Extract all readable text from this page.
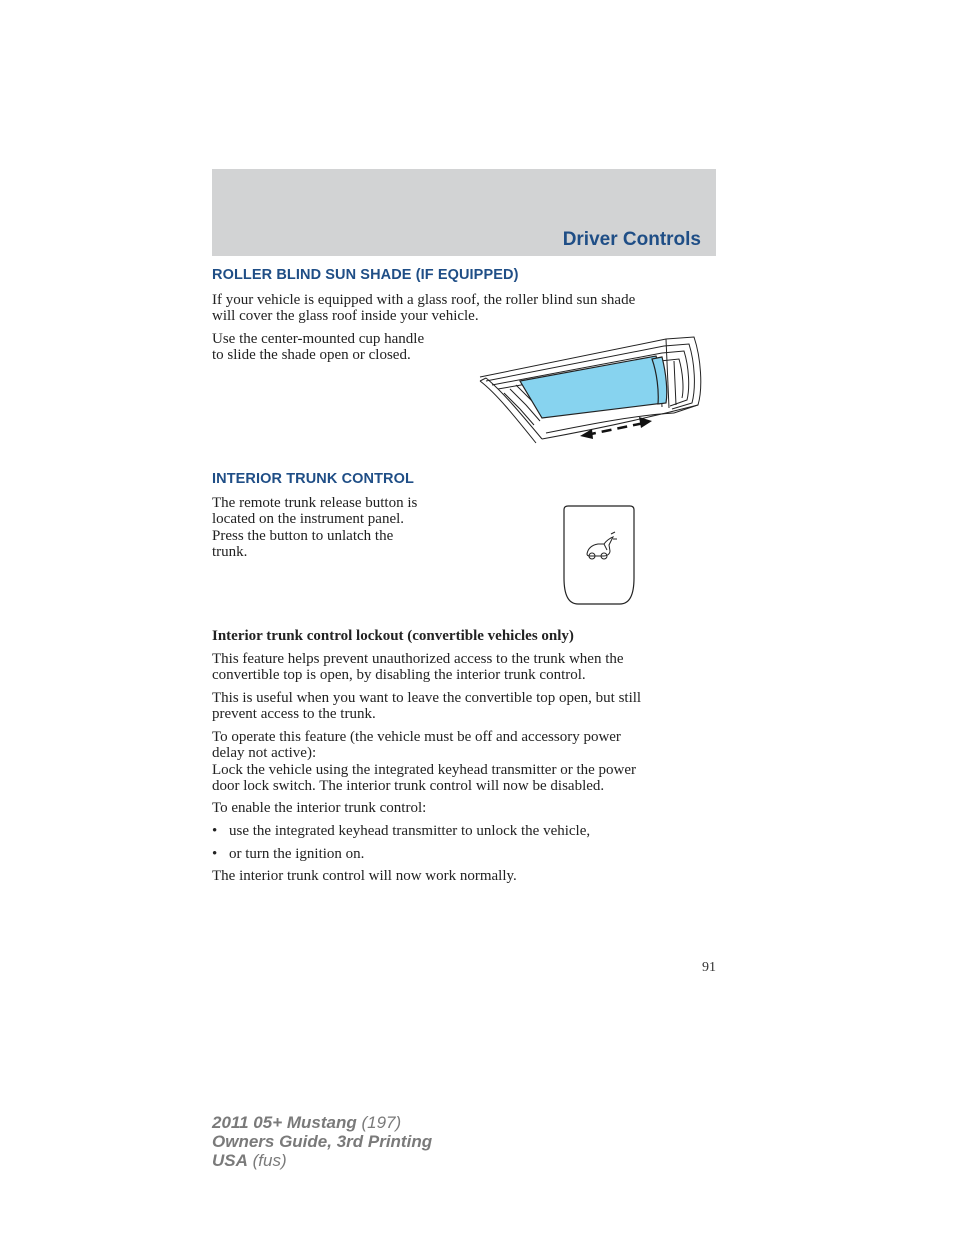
Driver Controls
ROLLER BLIND SUN SHADE (IF EQUIPPED)
If your vehicle is equipped with a glass roof, the roller blind sun shade
will cover the glass roof inside your vehicle.
Use the center-mounted cup handle
to slide the shade open or closed.
INTERIOR TRUNK CONTROL
The remote trunk release button is
located on the instrument panel.
Press the button to unlatch the
trunk.
Interior trunk control lockout (convertible vehicles only)
This feature helps prevent unauthorized access to the trunk when the
convertible top is open, by disabling the interior trunk control.
This is useful when you want to leave the convertible top open, but still
prevent access to the trunk.
To operate this feature (the vehicle must be off and accessory power
delay not active):
Lock the vehicle using the integrated keyhead transmitter or the power
door lock switch. The interior trunk control will now be disabled.
To enable the interior trunk control:
• use the integrated keyhead transmitter to unlock the vehicle,
• or turn the ignition on.
The interior trunk control will now work normally.
91
2011 05+ Mustang (197)
Owners Guide, 3rd Printing
USA (fus)
